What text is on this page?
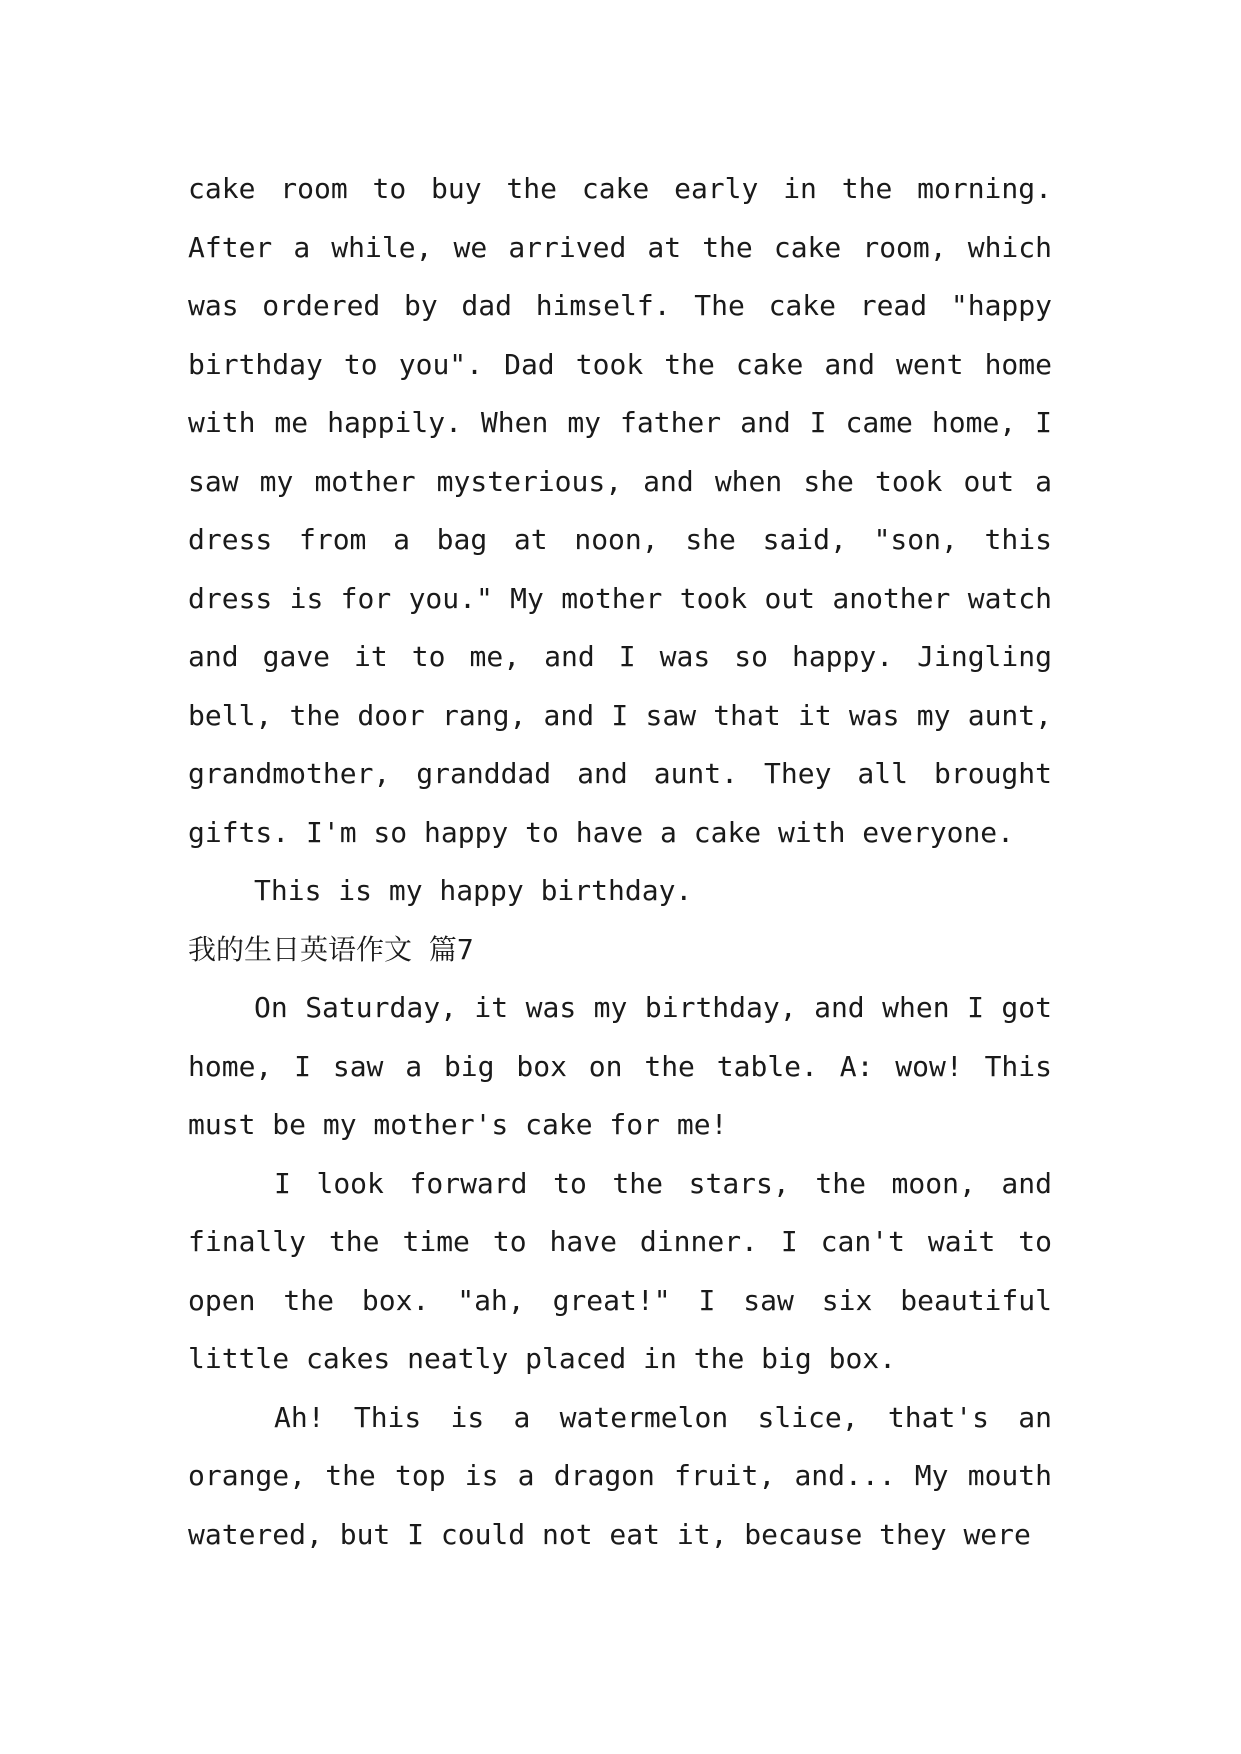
cake room to buy the cake early in the morning. After a while, we arrived at the cake room, which was ordered by dad himself. The cake read "happy birthday to you". Dad took the cake and went home with me happily. When my father and I came home, I saw my mother mysterious, and when she took out a dress from a bag at noon, she said, "son, this dress is for you." My mother took out another watch and gave it to me, and I was so happy. Jingling bell, the door rang, and I saw that it was my aunt, grandmother, granddad and aunt. They all brought gifts. I'm so happy to have a cake with everyone.

This is my happy birthday.

我的生日英语作文 篇7

On Saturday, it was my birthday, and when I got home, I saw a big box on the table. A: wow! This must be my mother's cake for me!

I look forward to the stars, the moon, and finally the time to have dinner. I can't wait to open the box. "ah, great!" I saw six beautiful little cakes neatly placed in the big box.

Ah! This is a watermelon slice, that's an orange, the top is a dragon fruit, and... My mouth watered, but I could not eat it, because they were
